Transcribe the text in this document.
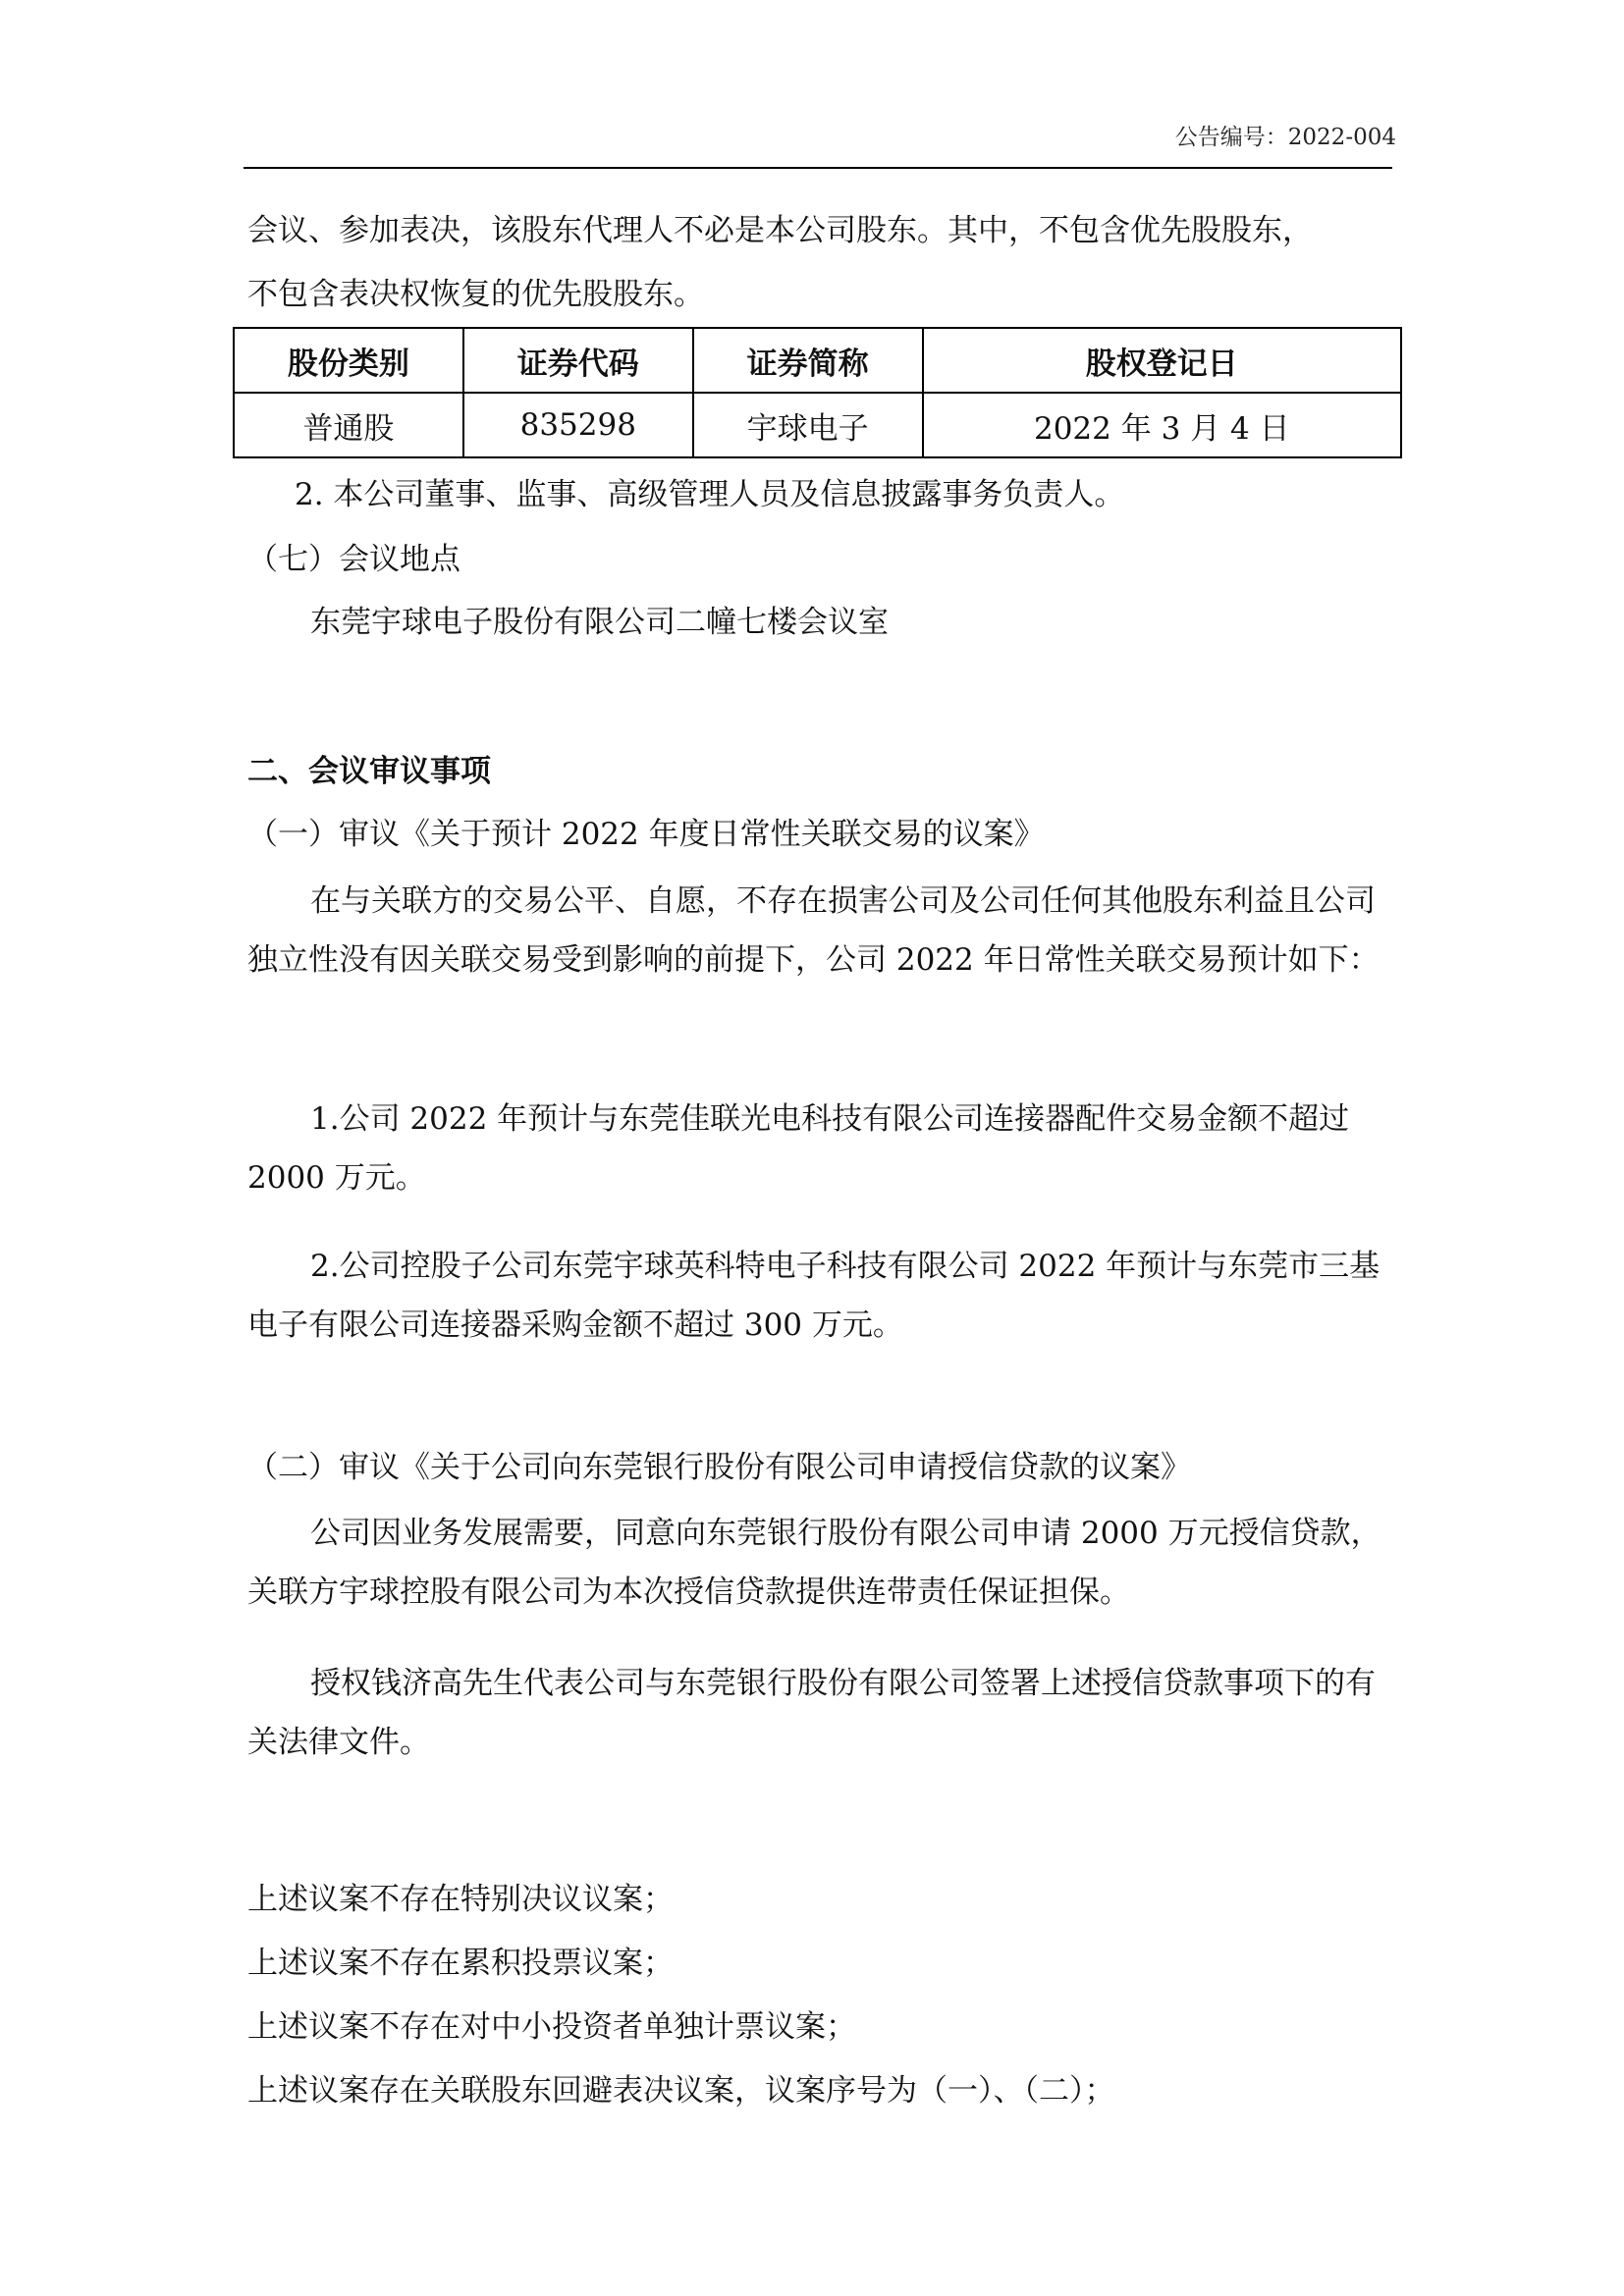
公告编号：2022-004

会议、参加表决，该股东代理人不必是本公司股东。其中，不包含优先股股东，

不包含表决权恢复的优先股股东。

股份类别	证券代码	证券简称	股权登记日
普通股	835298	宇球电子	2022 年 3 月 4 日

2. 本公司董事、监事、高级管理人员及信息披露事务负责人。

（七）会议地点

东莞宇球电子股份有限公司二幢七楼会议室

二、会议审议事项

（一）审议《关于预计 2022 年度日常性关联交易的议案》

在与关联方的交易公平、自愿，不存在损害公司及公司任何其他股东利益且公司独立性没有因关联交易受到影响的前提下，公司 2022 年日常性关联交易预计如下：

1.公司 2022 年预计与东莞佳联光电科技有限公司连接器配件交易金额不超过 2000 万元。

2.公司控股子公司东莞宇球英科特电子科技有限公司 2022 年预计与东莞市三基电子有限公司连接器采购金额不超过 300 万元。

（二）审议《关于公司向东莞银行股份有限公司申请授信贷款的议案》

公司因业务发展需要，同意向东莞银行股份有限公司申请 2000 万元授信贷款，关联方宇球控股有限公司为本次授信贷款提供连带责任保证担保。

授权钱济高先生代表公司与东莞银行股份有限公司签署上述授信贷款事项下的有关法律文件。

上述议案不存在特别决议议案；

上述议案不存在累积投票议案；

上述议案不存在对中小投资者单独计票议案；

上述议案存在关联股东回避表决议案，议案序号为（一）、（二）；
